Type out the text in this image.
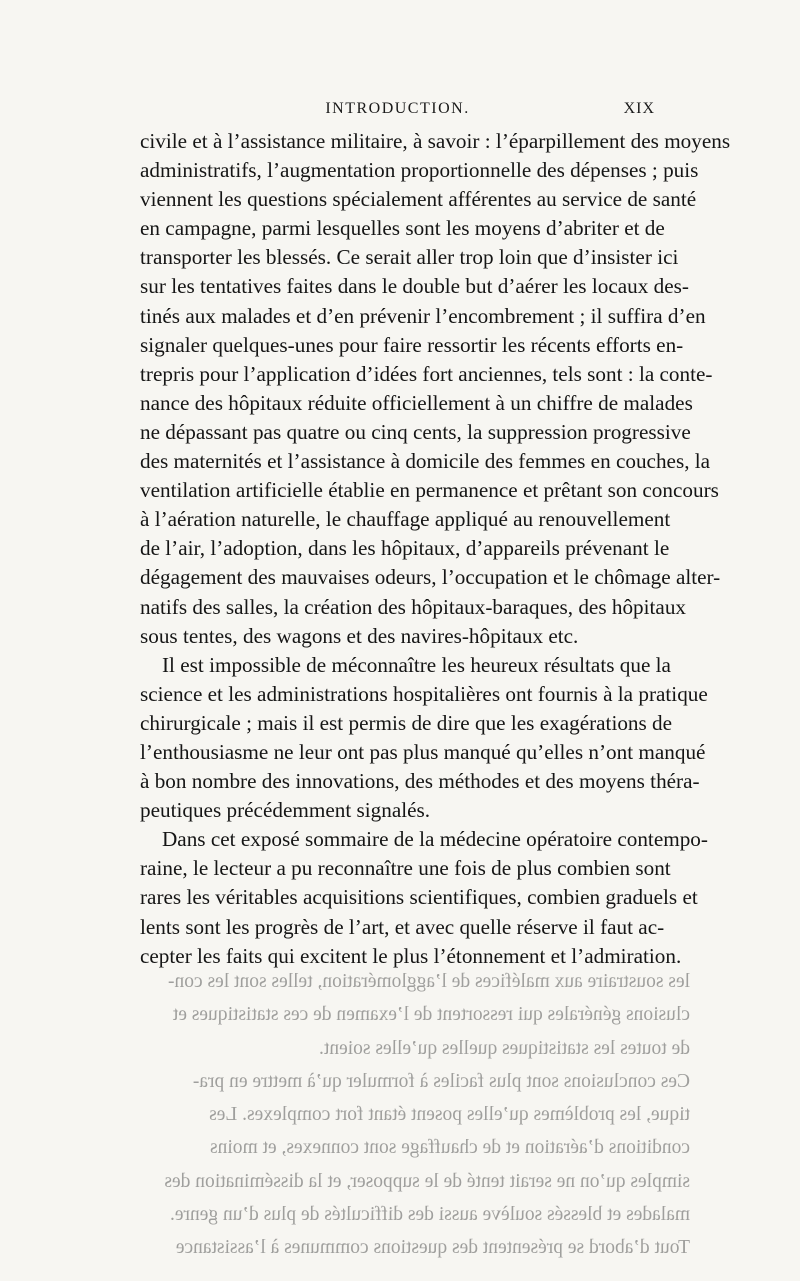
les soustraire aux maléfices de l’agglomération, telles sont les con-

clusions générales qui ressortent de l’examen de ces statistiques et

de toutes les statistiques quelles qu’elles soient.

Ces conclusions sont plus faciles à formuler qu’à mettre en pra-

tique, les problèmes qu’elles posent étant fort complexes. Les

conditions d’aération et de chauffage sont connexes, et moins

simples qu’on ne serait tenté de le supposer, et la dissémination des

malades et blessés soulève aussi des difficultés de plus d’un genre.

Tout d’abord se présentent des questions communes à l’assistance

INTRODUCTION.	XIX
civile et à l’assistance militaire, à savoir : l’éparpillement des moyens
administratifs, l’augmentation proportionnelle des dépenses ; puis
viennent les questions spécialement afférentes au service de santé
en campagne, parmi lesquelles sont les moyens d’abriter et de
transporter les blessés. Ce serait aller trop loin que d’insister ici
sur les tentatives faites dans le double but d’aérer les locaux des-
tinés aux malades et d’en prévenir l’encombrement ; il suffira d’en
signaler quelques-unes pour faire ressortir les récents efforts en-
trepris pour l’application d’idées fort anciennes, tels sont : la conte-
nance des hôpitaux réduite officiellement à un chiffre de malades
ne dépassant pas quatre ou cinq cents, la suppression progressive
des maternités et l’assistance à domicile des femmes en couches, la
ventilation artificielle établie en permanence et prêtant son concours
à l’aération naturelle, le chauffage appliqué au renouvellement
de l’air, l’adoption, dans les hôpitaux, d’appareils prévenant le
dégagement des mauvaises odeurs, l’occupation et le chômage alter-
natifs des salles, la création des hôpitaux-baraques, des hôpitaux
sous tentes, des wagons et des navires-hôpitaux etc.
Il est impossible de méconnaître les heureux résultats que la
science et les administrations hospitalières ont fournis à la pratique
chirurgicale ; mais il est permis de dire que les exagérations de
l’enthousiasme ne leur ont pas plus manqué qu’elles n’ont manqué
à bon nombre des innovations, des méthodes et des moyens théra-
peutiques précédemment signalés.
Dans cet exposé sommaire de la médecine opératoire contempo-
raine, le lecteur a pu reconnaître une fois de plus combien sont
rares les véritables acquisitions scientifiques, combien graduels et
lents sont les progrès de l’art, et avec quelle réserve il faut ac-
cepter les faits qui excitent le plus l’étonnement et l’admiration.
